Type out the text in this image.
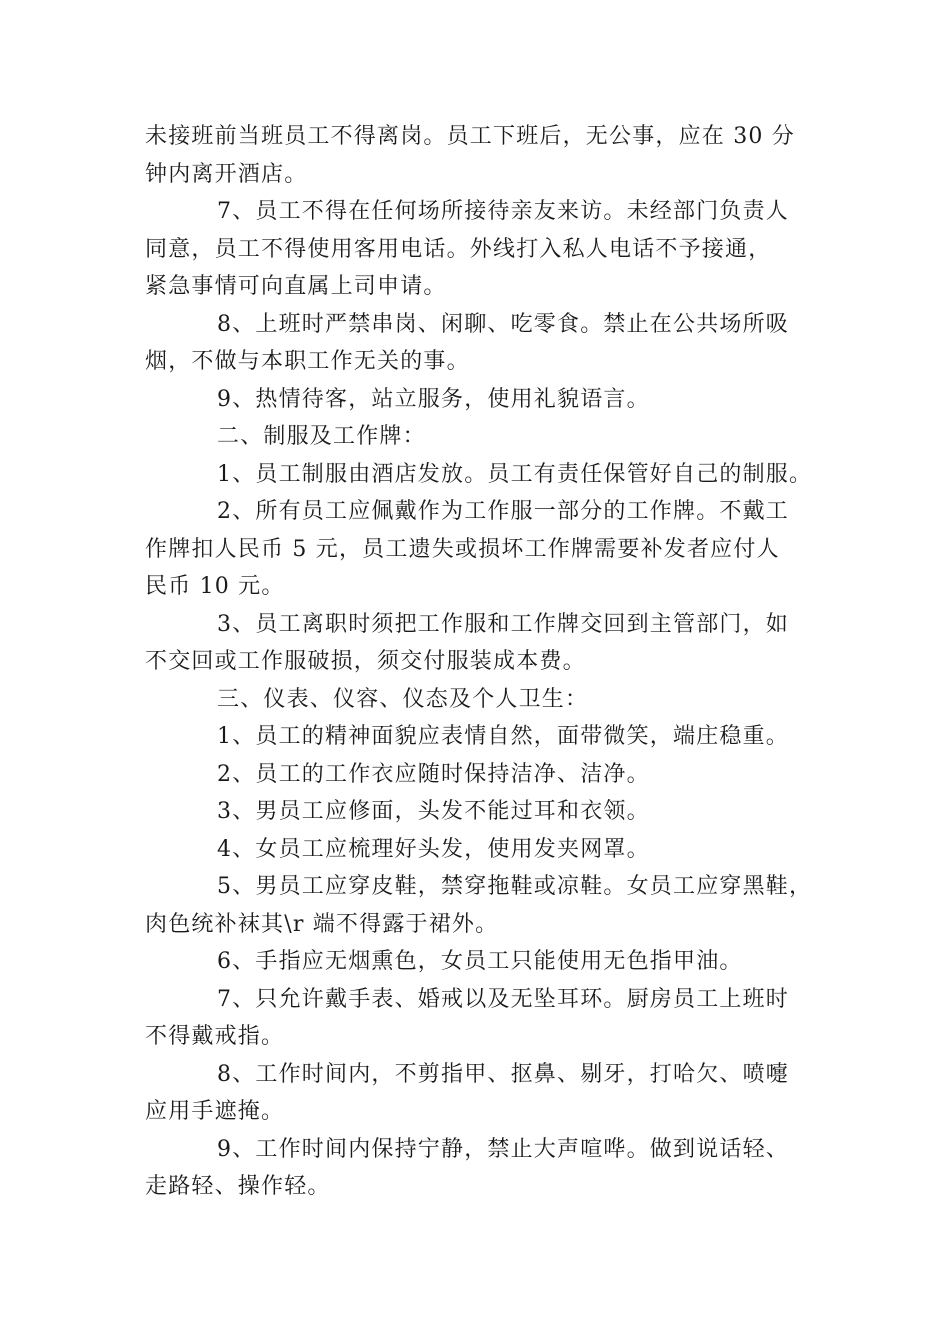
未接班前当班员工不得离岗。员工下班后，无公事，应在 30 分
钟内离开酒店。
7、员工不得在任何场所接待亲友来访。未经部门负责人
同意，员工不得使用客用电话。外线打入私人电话不予接通，
紧急事情可向直属上司申请。
8、上班时严禁串岗、闲聊、吃零食。禁止在公共场所吸
烟，不做与本职工作无关的事。
9、热情待客，站立服务，使用礼貌语言。
二、制服及工作牌：
1、员工制服由酒店发放。员工有责任保管好自己的制服。
2、所有员工应佩戴作为工作服一部分的工作牌。不戴工
作牌扣人民币 5 元，员工遗失或损坏工作牌需要补发者应付人
民币 10 元。
3、员工离职时须把工作服和工作牌交回到主管部门，如
不交回或工作服破损，须交付服装成本费。
三、仪表、仪容、仪态及个人卫生：
1、员工的精神面貌应表情自然，面带微笑，端庄稳重。
2、员工的工作衣应随时保持洁净、洁净。
3、男员工应修面，头发不能过耳和衣领。
4、女员工应梳理好头发，使用发夹网罩。
5、男员工应穿皮鞋，禁穿拖鞋或凉鞋。女员工应穿黑鞋，
肉色统补袜其\r 端不得露于裙外。
6、手指应无烟熏色，女员工只能使用无色指甲油。
7、只允许戴手表、婚戒以及无坠耳环。厨房员工上班时
不得戴戒指。
8、工作时间内，不剪指甲、抠鼻、剔牙，打哈欠、喷嚏
应用手遮掩。
9、工作时间内保持宁静，禁止大声喧哗。做到说话轻、
走路轻、操作轻。
